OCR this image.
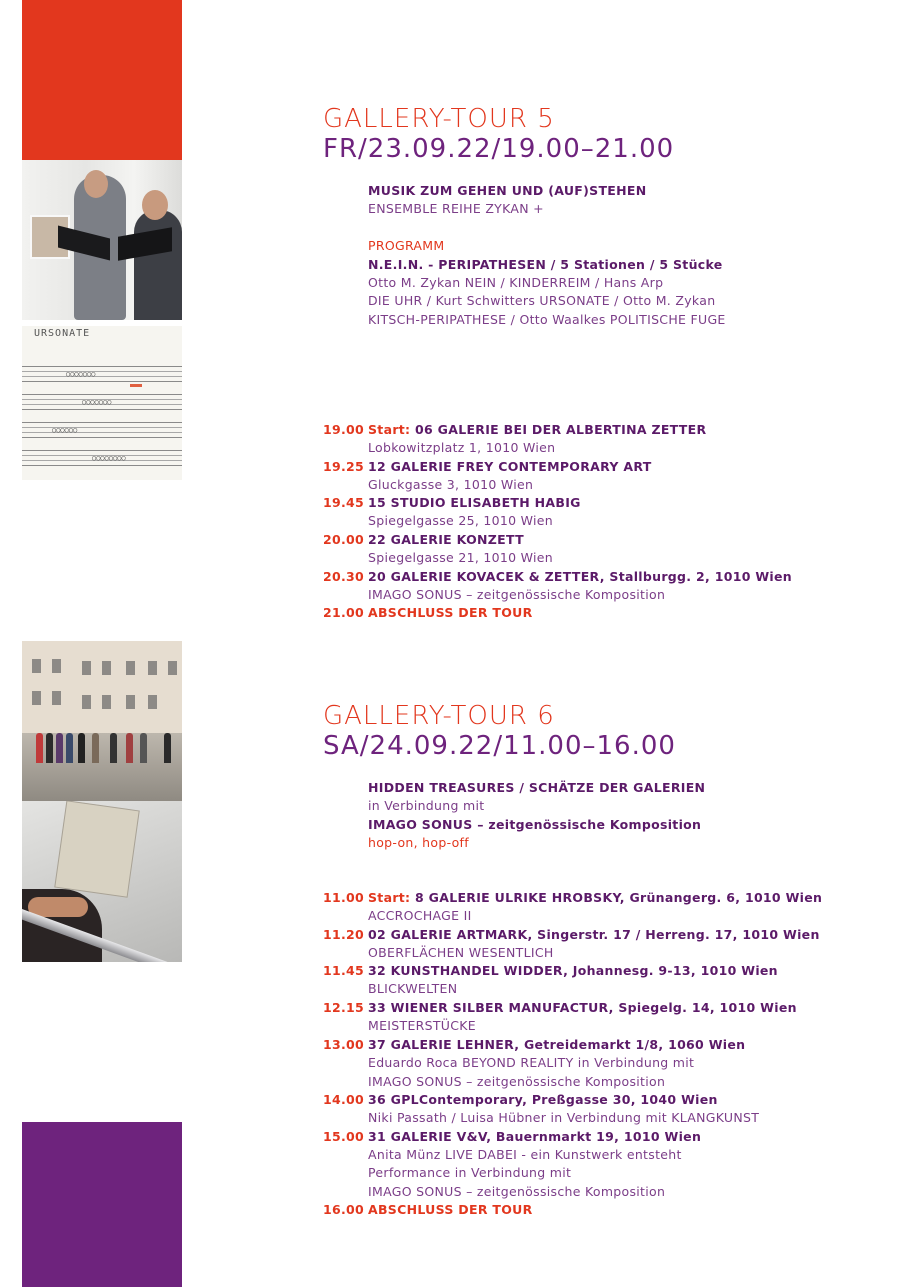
URSONATE
○○○○○○○
○○○○○○○
○○○○○○
○○○○○○○○
GALLERY-TOUR 5
FR/23.09.22/19.00–21.00
MUSIK ZUM GEHEN UND (AUF)STEHEN
ENSEMBLE REIHE ZYKAN +
PROGRAMM
N.E.I.N. - PERIPATHESEN / 5 Stationen / 5 Stücke
Otto M. Zykan NEIN / KINDERREIM / Hans Arp
DIE UHR / Kurt Schwitters URSONATE / Otto M. Zykan
KITSCH-PERIPATHESE / Otto Waalkes POLITISCHE FUGE
19.00 Start: 06 GALERIE BEI DER ALBERTINA ZETTER
Lobkowitzplatz 1, 1010 Wien
19.25 12 GALERIE FREY CONTEMPORARY ART
Gluckgasse 3, 1010 Wien
19.45 15 STUDIO ELISABETH HABIG
Spiegelgasse 25, 1010 Wien
20.00 22 GALERIE KONZETT
Spiegelgasse 21, 1010 Wien
20.30 20 GALERIE KOVACEK & ZETTER, Stallburgg. 2, 1010 Wien
IMAGO SONUS – zeitgenössische Komposition
21.00 ABSCHLUSS DER TOUR
GALLERY-TOUR 6
SA/24.09.22/11.00–16.00
HIDDEN TREASURES / SCHÄTZE DER GALERIEN
in Verbindung mit
IMAGO SONUS – zeitgenössische Komposition
hop-on, hop-off
11.00 Start: 8 GALERIE ULRIKE HROBSKY, Grünangerg. 6, 1010 Wien
ACCROCHAGE II
11.20 02 GALERIE ARTMARK, Singerstr. 17 / Herreng. 17, 1010 Wien
OBERFLÄCHEN WESENTLICH
11.45 32 KUNSTHANDEL WIDDER, Johannesg. 9-13, 1010 Wien
BLICKWELTEN
12.15 33 WIENER SILBER MANUFACTUR, Spiegelg. 14, 1010 Wien
MEISTERSTÜCKE
13.00 37 GALERIE LEHNER, Getreidemarkt 1/8, 1060 Wien
Eduardo Roca BEYOND REALITY in Verbindung mit
IMAGO SONUS – zeitgenössische Komposition
14.00 36 GPLContemporary, Preßgasse 30, 1040 Wien
Niki Passath / Luisa Hübner in Verbindung mit KLANGKUNST
15.00 31 GALERIE V&V, Bauernmarkt 19, 1010 Wien
Anita Münz LIVE DABEI - ein Kunstwerk entsteht
Performance in Verbindung mit
IMAGO SONUS – zeitgenössische Komposition
16.00 ABSCHLUSS DER TOUR
